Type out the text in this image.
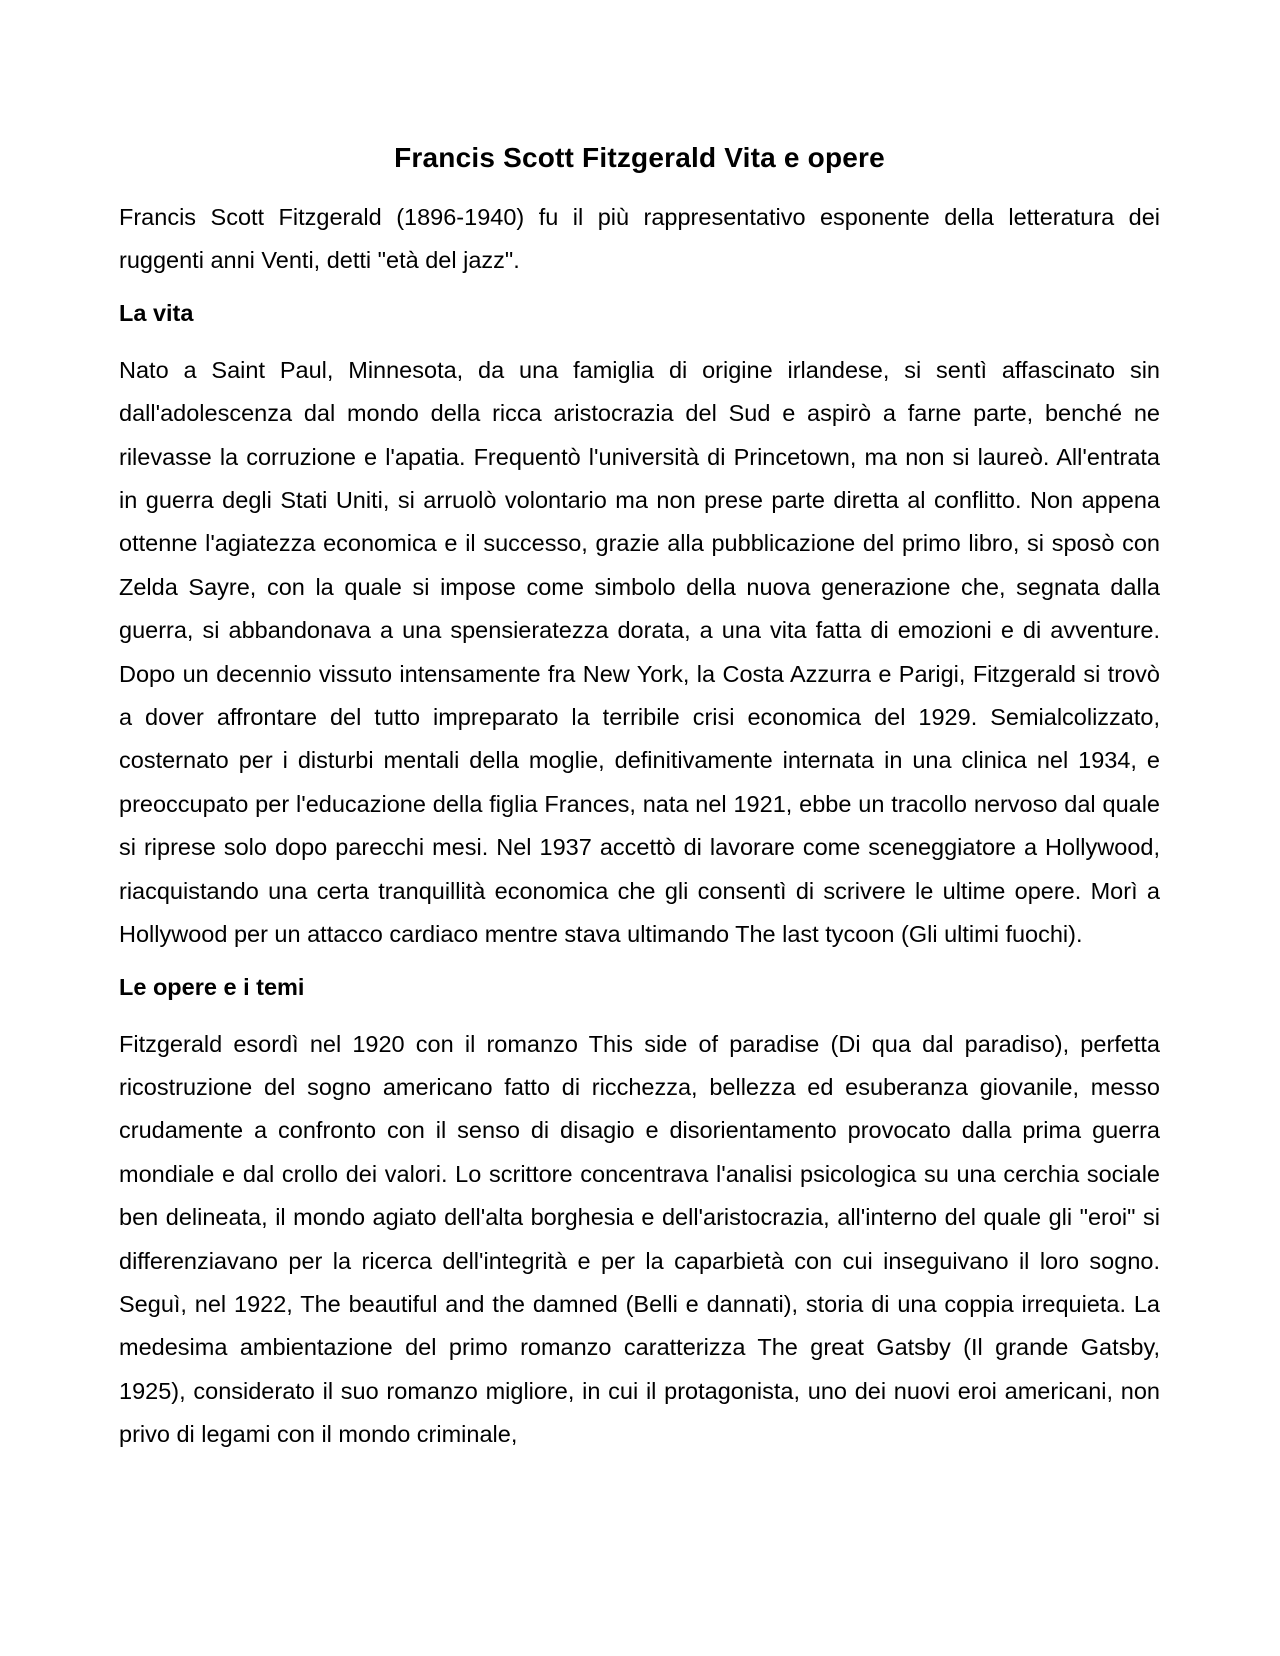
Francis Scott Fitzgerald Vita e opere

Francis Scott Fitzgerald (1896-1940) fu il più rappresentativo esponente della letteratura dei ruggenti anni Venti, detti "età del jazz".

La vita

Nato a Saint Paul, Minnesota, da una famiglia di origine irlandese, si sentì affascinato sin dall'adolescenza dal mondo della ricca aristocrazia del Sud e aspirò a farne parte, benché ne rilevasse la corruzione e l'apatia. Frequentò l'università di Princetown, ma non si laureò. All'entrata in guerra degli Stati Uniti, si arruolò volontario ma non prese parte diretta al conflitto. Non appena ottenne l'agiatezza economica e il successo, grazie alla pubblicazione del primo libro, si sposò con Zelda Sayre, con la quale si impose come simbolo della nuova generazione che, segnata dalla guerra, si abbandonava a una spensieratezza dorata, a una vita fatta di emozioni e di avventure. Dopo un decennio vissuto intensamente fra New York, la Costa Azzurra e Parigi, Fitzgerald si trovò a dover affrontare del tutto impreparato la terribile crisi economica del 1929. Semialcolizzato, costernato per i disturbi mentali della moglie, definitivamente internata in una clinica nel 1934, e preoccupato per l'educazione della figlia Frances, nata nel 1921, ebbe un tracollo nervoso dal quale si riprese solo dopo parecchi mesi. Nel 1937 accettò di lavorare come sceneggiatore a Hollywood, riacquistando una certa tranquillità economica che gli consentì di scrivere le ultime opere. Morì a Hollywood per un attacco cardiaco mentre stava ultimando The last tycoon (Gli ultimi fuochi).

Le opere e i temi

Fitzgerald esordì nel 1920 con il romanzo This side of paradise (Di qua dal paradiso), perfetta ricostruzione del sogno americano fatto di ricchezza, bellezza ed esuberanza giovanile, messo crudamente a confronto con il senso di disagio e disorientamento provocato dalla prima guerra mondiale e dal crollo dei valori. Lo scrittore concentrava l'analisi psicologica su una cerchia sociale ben delineata, il mondo agiato dell'alta borghesia e dell'aristocrazia, all'interno del quale gli "eroi" si differenziavano per la ricerca dell'integrità e per la caparbietà con cui inseguivano il loro sogno. Seguì, nel 1922, The beautiful and the damned (Belli e dannati), storia di una coppia irrequieta. La medesima ambientazione del primo romanzo caratterizza The great Gatsby (Il grande Gatsby, 1925), considerato il suo romanzo migliore, in cui il protagonista, uno dei nuovi eroi americani, non privo di legami con il mondo criminale,
